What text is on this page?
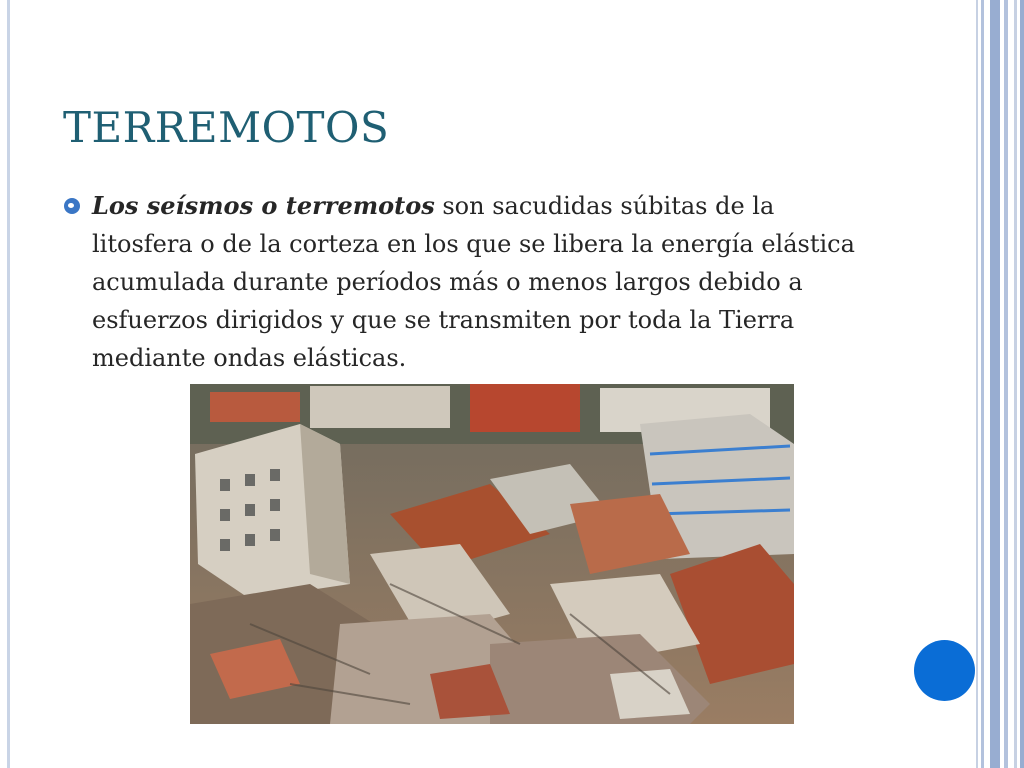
TERREMOTOS

Los seísmos o terremotos son sacudidas súbitas de la litosfera o de la corteza en los que se libera la energía elástica acumulada durante períodos más o menos largos debido a esfuerzos dirigidos y que se transmiten por toda la Tierra mediante ondas elásticas.
